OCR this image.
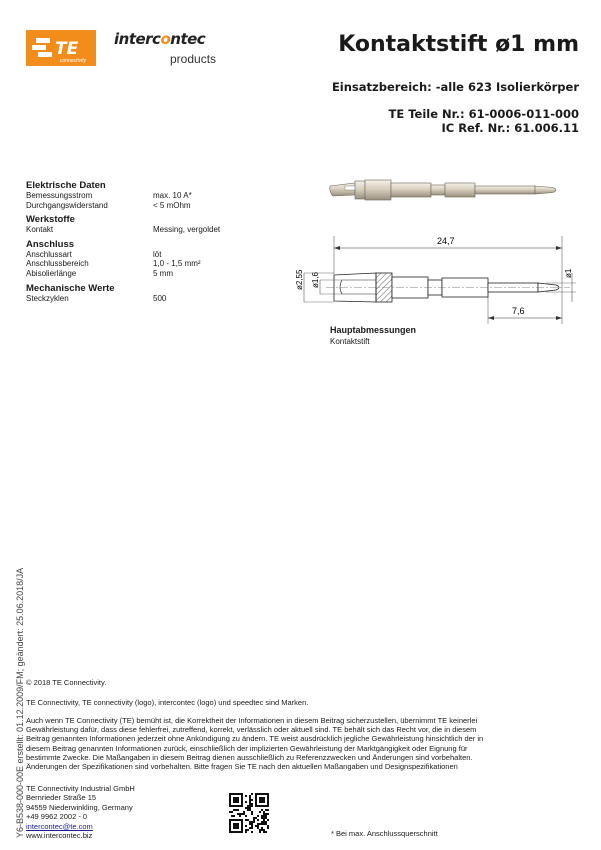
TE
connectivity
intercontec
products
Kontaktstift ø1 mm
Einsatzbereich: -alle 623 Isolierkörper
TE Teile Nr.: 61-0006-011-000
IC Ref. Nr.: 61.006.11
Elektrische Daten
Bemessungsstrom	max. 10 A*
Durchgangswiderstand	< 5 mOhm
Werkstoffe
Kontakt	Messing, vergoldet
Anschluss
Anschlussart	löt
Anschlussbereich	1,0 - 1,5 mm²
Abisolierlänge	5 mm
Mechanische Werte
Steckzyklen	500
24,7
7,6
ø2,55 ø1,6	ø1
Hauptabmessungen
Kontaktstift
Y6-B538-000-00E erstellt: 01.12.2009/FM; geändert: 25.06.2018/JA © 2018 TE Connectivity.
TE Connectivity, TE connectivity (logo), intercontec (logo) und speedtec sind Marken.
Auch wenn TE Connectivity (TE) bemüht ist, die Korrektheit der Informationen in diesem Beitrag sicherzustellen, übernimmt TE keinerlei Gewährleistung dafür, dass diese fehlerfrei, zutreffend, korrekt, verlässlich oder aktuell sind. TE behält sich das Recht vor, die in diesem Beitrag genannten Informationen jederzeit ohne Ankündigung zu ändern. TE weist ausdrücklich jegliche Gewährleistung hinsichtlich der in diesem Beitrag genannten Informationen zurück, einschließlich der implizierten Gewährleistung der Marktgängigkeit oder Eignung für bestimmte Zwecke. Die Maßangaben in diesem Beitrag dienen ausschließlich zu Referenzzwecken und Änderungen sind vorbehalten. Änderungen der Spezifikationen sind vorbehalten. Bitte fragen Sie TE nach den aktuellen Maßangaben und Designspezifikationen
TE Connectivity Industrial GmbH
Bernrieder Straße 15
94559 Niederwinkling, Germany
+49 9962 2002 - 0
intercontec@te.com
www.intercontec.biz	* Bei max. Anschlussquerschnitt
